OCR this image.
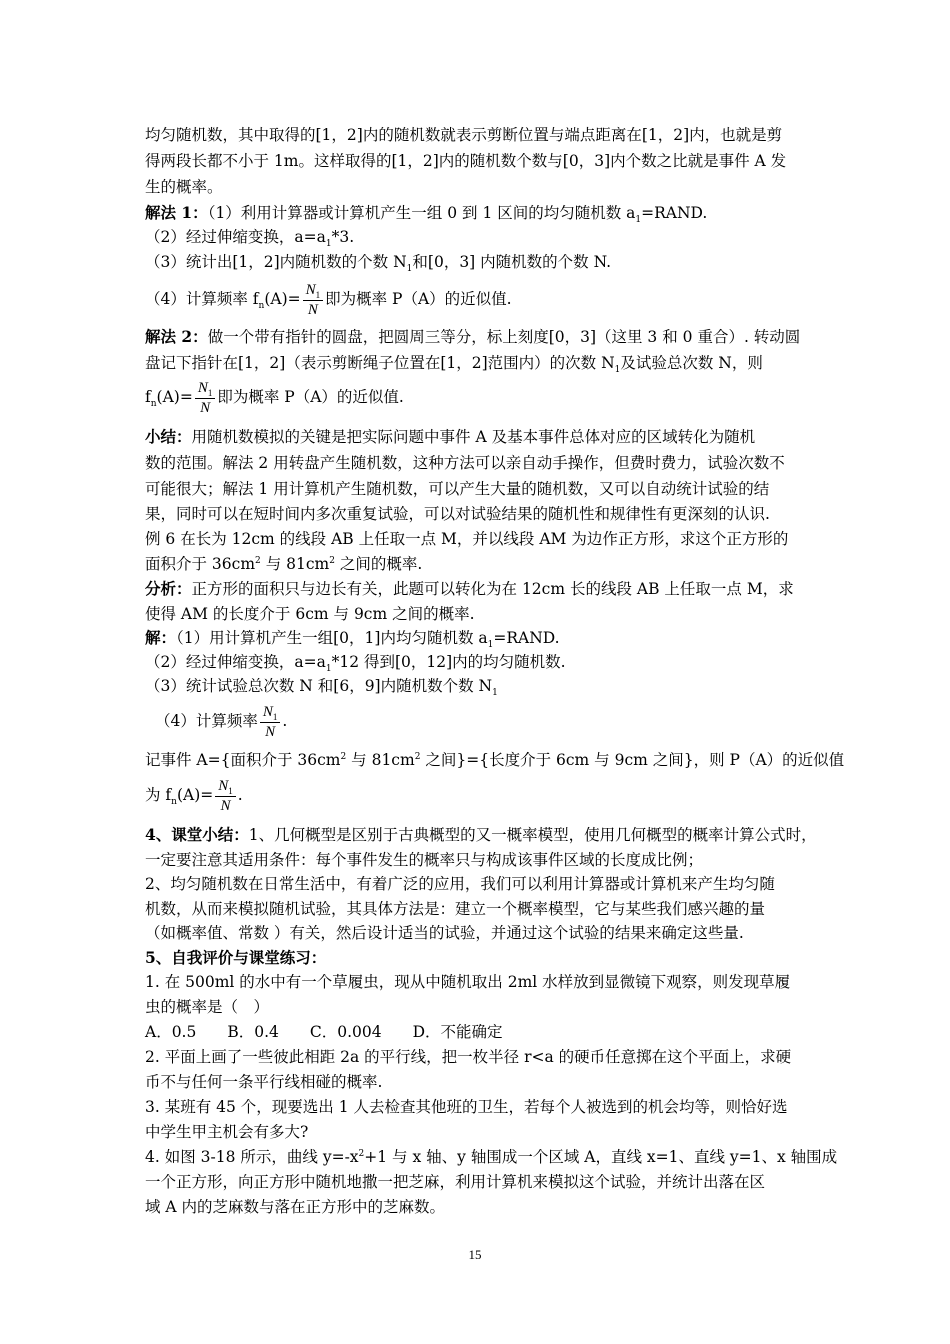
均匀随机数，其中取得的[1，2]内的随机数就表示剪断位置与端点距离在[1，2]内，也就是剪
得两段长都不小于 1m。这样取得的[1，2]内的随机数个数与[0，3]内个数之比就是事件 A 发
生的概率。
解法 1：（1）利用计算器或计算机产生一组 0 到 1 区间的均匀随机数 $a_1=RAND$.
（2）经过伸缩变换，$a=a_1*3$.
（3）统计出[1，2]内随机数的个数 $N_1$和[0，3] 内随机数的个数 N.
（4）计算频率 $f_n(A)= \frac{N_1}{N}$ 即为概率 P（A）的近似值.
解法 2：做一个带有指针的圆盘，把圆周三等分，标上刻度[0，3]（这里 3 和 0 重合）. 转动圆
盘记下指针在[1，2]（表示剪断绳子位置在[1，2]范围内）的次数 $N_1$及试验总次数 N，则
$f_n(A)= \frac{N_1}{N}$ 即为概率 P（A）的近似值.
小结：用随机数模拟的关键是把实际问题中事件 A 及基本事件总体对应的区域转化为随机
数的范围。解法 2 用转盘产生随机数，这种方法可以亲自动手操作，但费时费力，试验次数不
可能很大；解法 1 用计算机产生随机数，可以产生大量的随机数，又可以自动统计试验的结
果，同时可以在短时间内多次重复试验，可以对试验结果的随机性和规律性有更深刻的认识.
例 6 在长为 12cm 的线段 AB 上任取一点 M，并以线段 AM 为边作正方形，求这个正方形的
面积介于 $36cm^2$ 与 $81cm^2$ 之间的概率.
分析：正方形的面积只与边长有关，此题可以转化为在 12cm 长的线段 AB 上任取一点 M，求
使得 AM 的长度介于 6cm 与 9cm 之间的概率.
解：（1）用计算机产生一组[0，1]内均匀随机数 $a_1=RAND$.
（2）经过伸缩变换，$a=a_1*12$ 得到[0，12]内的均匀随机数.
（3）统计试验总次数 N 和[6，9]内随机数个数 $N_1$
（4）计算频率 $\frac{N_1}{N}$ .
记事件 A={面积介于 $36cm^2$ 与 $81cm^2$ 之间}={长度介于 6cm 与 9cm 之间}，则 P（A）的近似值
为 $f_n(A)= \frac{N_1}{N}$ .
4、课堂小结：1、几何概型是区别于古典概型的又一概率模型，使用几何概型的概率计算公式时，
一定要注意其适用条件：每个事件发生的概率只与构成该事件区域的长度成比例；
2、均匀随机数在日常生活中，有着广泛的应用，我们可以利用计算器或计算机来产生均匀随
机数，从而来模拟随机试验，其具体方法是：建立一个概率模型，它与某些我们感兴趣的量
（如概率值、常数 ）有关，然后设计适当的试验，并通过这个试验的结果来确定这些量.
5、自我评价与课堂练习：
1. 在 500ml 的水中有一个草履虫，现从中随机取出 2ml 水样放到显微镜下观察，则发现草履
虫的概率是（　）
A．0.5　　B．0.4　　C．0.004　　D．不能确定
2. 平面上画了一些彼此相距 2a 的平行线，把一枚半径 r<a 的硬币任意掷在这个平面上，求硬
币不与任何一条平行线相碰的概率.
3. 某班有 45 个，现要选出 1 人去检查其他班的卫生，若每个人被选到的机会均等，则恰好选
中学生甲主机会有多大?
4. 如图 3-18 所示，曲线 $y=-x^2+1$ 与 x 轴、y 轴围成一个区域 A，直线 x=1、直线 y=1、x 轴围成
一个正方形，向正方形中随机地撒一把芝麻，利用计算机来模拟这个试验，并统计出落在区
域 A 内的芝麻数与落在正方形中的芝麻数。
15
